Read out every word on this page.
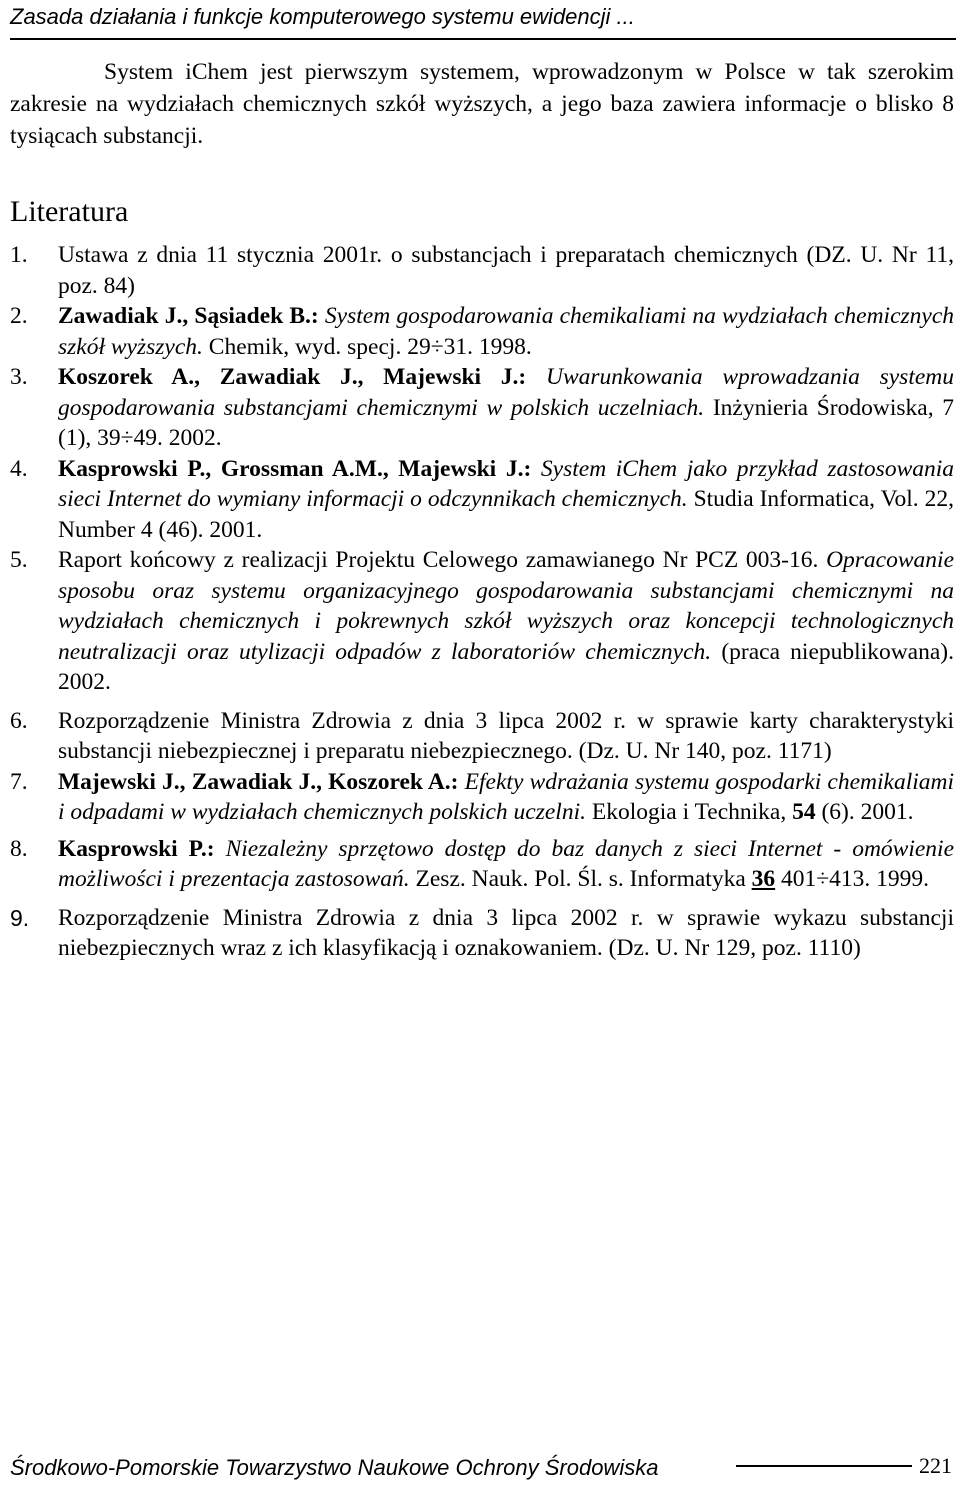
Zasada działania i funkcje komputerowego systemu ewidencji ...

System iChem jest pierwszym systemem, wprowadzonym w Polsce w tak szerokim zakresie na wydziałach chemicznych szkół wyższych, a jego baza zawiera informacje o blisko 8 tysiącach substancji.

Literatura
1. Ustawa z dnia 11 stycznia 2001r. o substancjach i preparatach chemicznych (DZ. U. Nr 11, poz. 84)
2. Zawadiak J., Sąsiadek B.: System gospodarowania chemikaliami na wydziałach chemicznych szkół wyższych. Chemik, wyd. specj. 29÷31. 1998.
3. Koszorek A., Zawadiak J., Majewski J.: Uwarunkowania wprowadzania systemu gospodarowania substancjami chemicznymi w polskich uczelniach. Inżynieria Środowiska, 7 (1), 39÷49. 2002.
4. Kasprowski P., Grossman A.M., Majewski J.: System iChem jako przykład zastosowania sieci Internet do wymiany informacji o odczynnikach chemicznych. Studia Informatica, Vol. 22, Number 4 (46). 2001.
5. Raport końcowy z realizacji Projektu Celowego zamawianego Nr PCZ 003-16. Opracowanie sposobu oraz systemu organizacyjnego gospodarowania substancjami chemicznymi na wydziałach chemicznych i pokrewnych szkół wyższych oraz koncepcji technologicznych neutralizacji oraz utylizacji odpadów z laboratoriów chemicznych. (praca niepublikowana). 2002.
6. Rozporządzenie Ministra Zdrowia z dnia 3 lipca 2002 r. w sprawie karty charakterystyki substancji niebezpiecznej i preparatu niebezpiecznego. (Dz. U. Nr 140, poz. 1171)
7. Majewski J., Zawadiak J., Koszorek A.: Efekty wdrażania systemu gospodarki chemikaliami i odpadami w wydziałach chemicznych polskich uczelni. Ekologia i Technika, 54 (6). 2001.
8. Kasprowski P.: Niezależny sprzętowo dostęp do baz danych z sieci Internet - omówienie możliwości i prezentacja zastosowań. Zesz. Nauk. Pol. Śl. s. Informatyka 36 401÷413. 1999.
9. Rozporządzenie Ministra Zdrowia z dnia 3 lipca 2002 r. w sprawie wykazu substancji niebezpiecznych wraz z ich klasyfikacją i oznakowaniem. (Dz. U. Nr 129, poz. 1110)
Środkowo-Pomorskie Towarzystwo Naukowe Ochrony Środowiska	221
